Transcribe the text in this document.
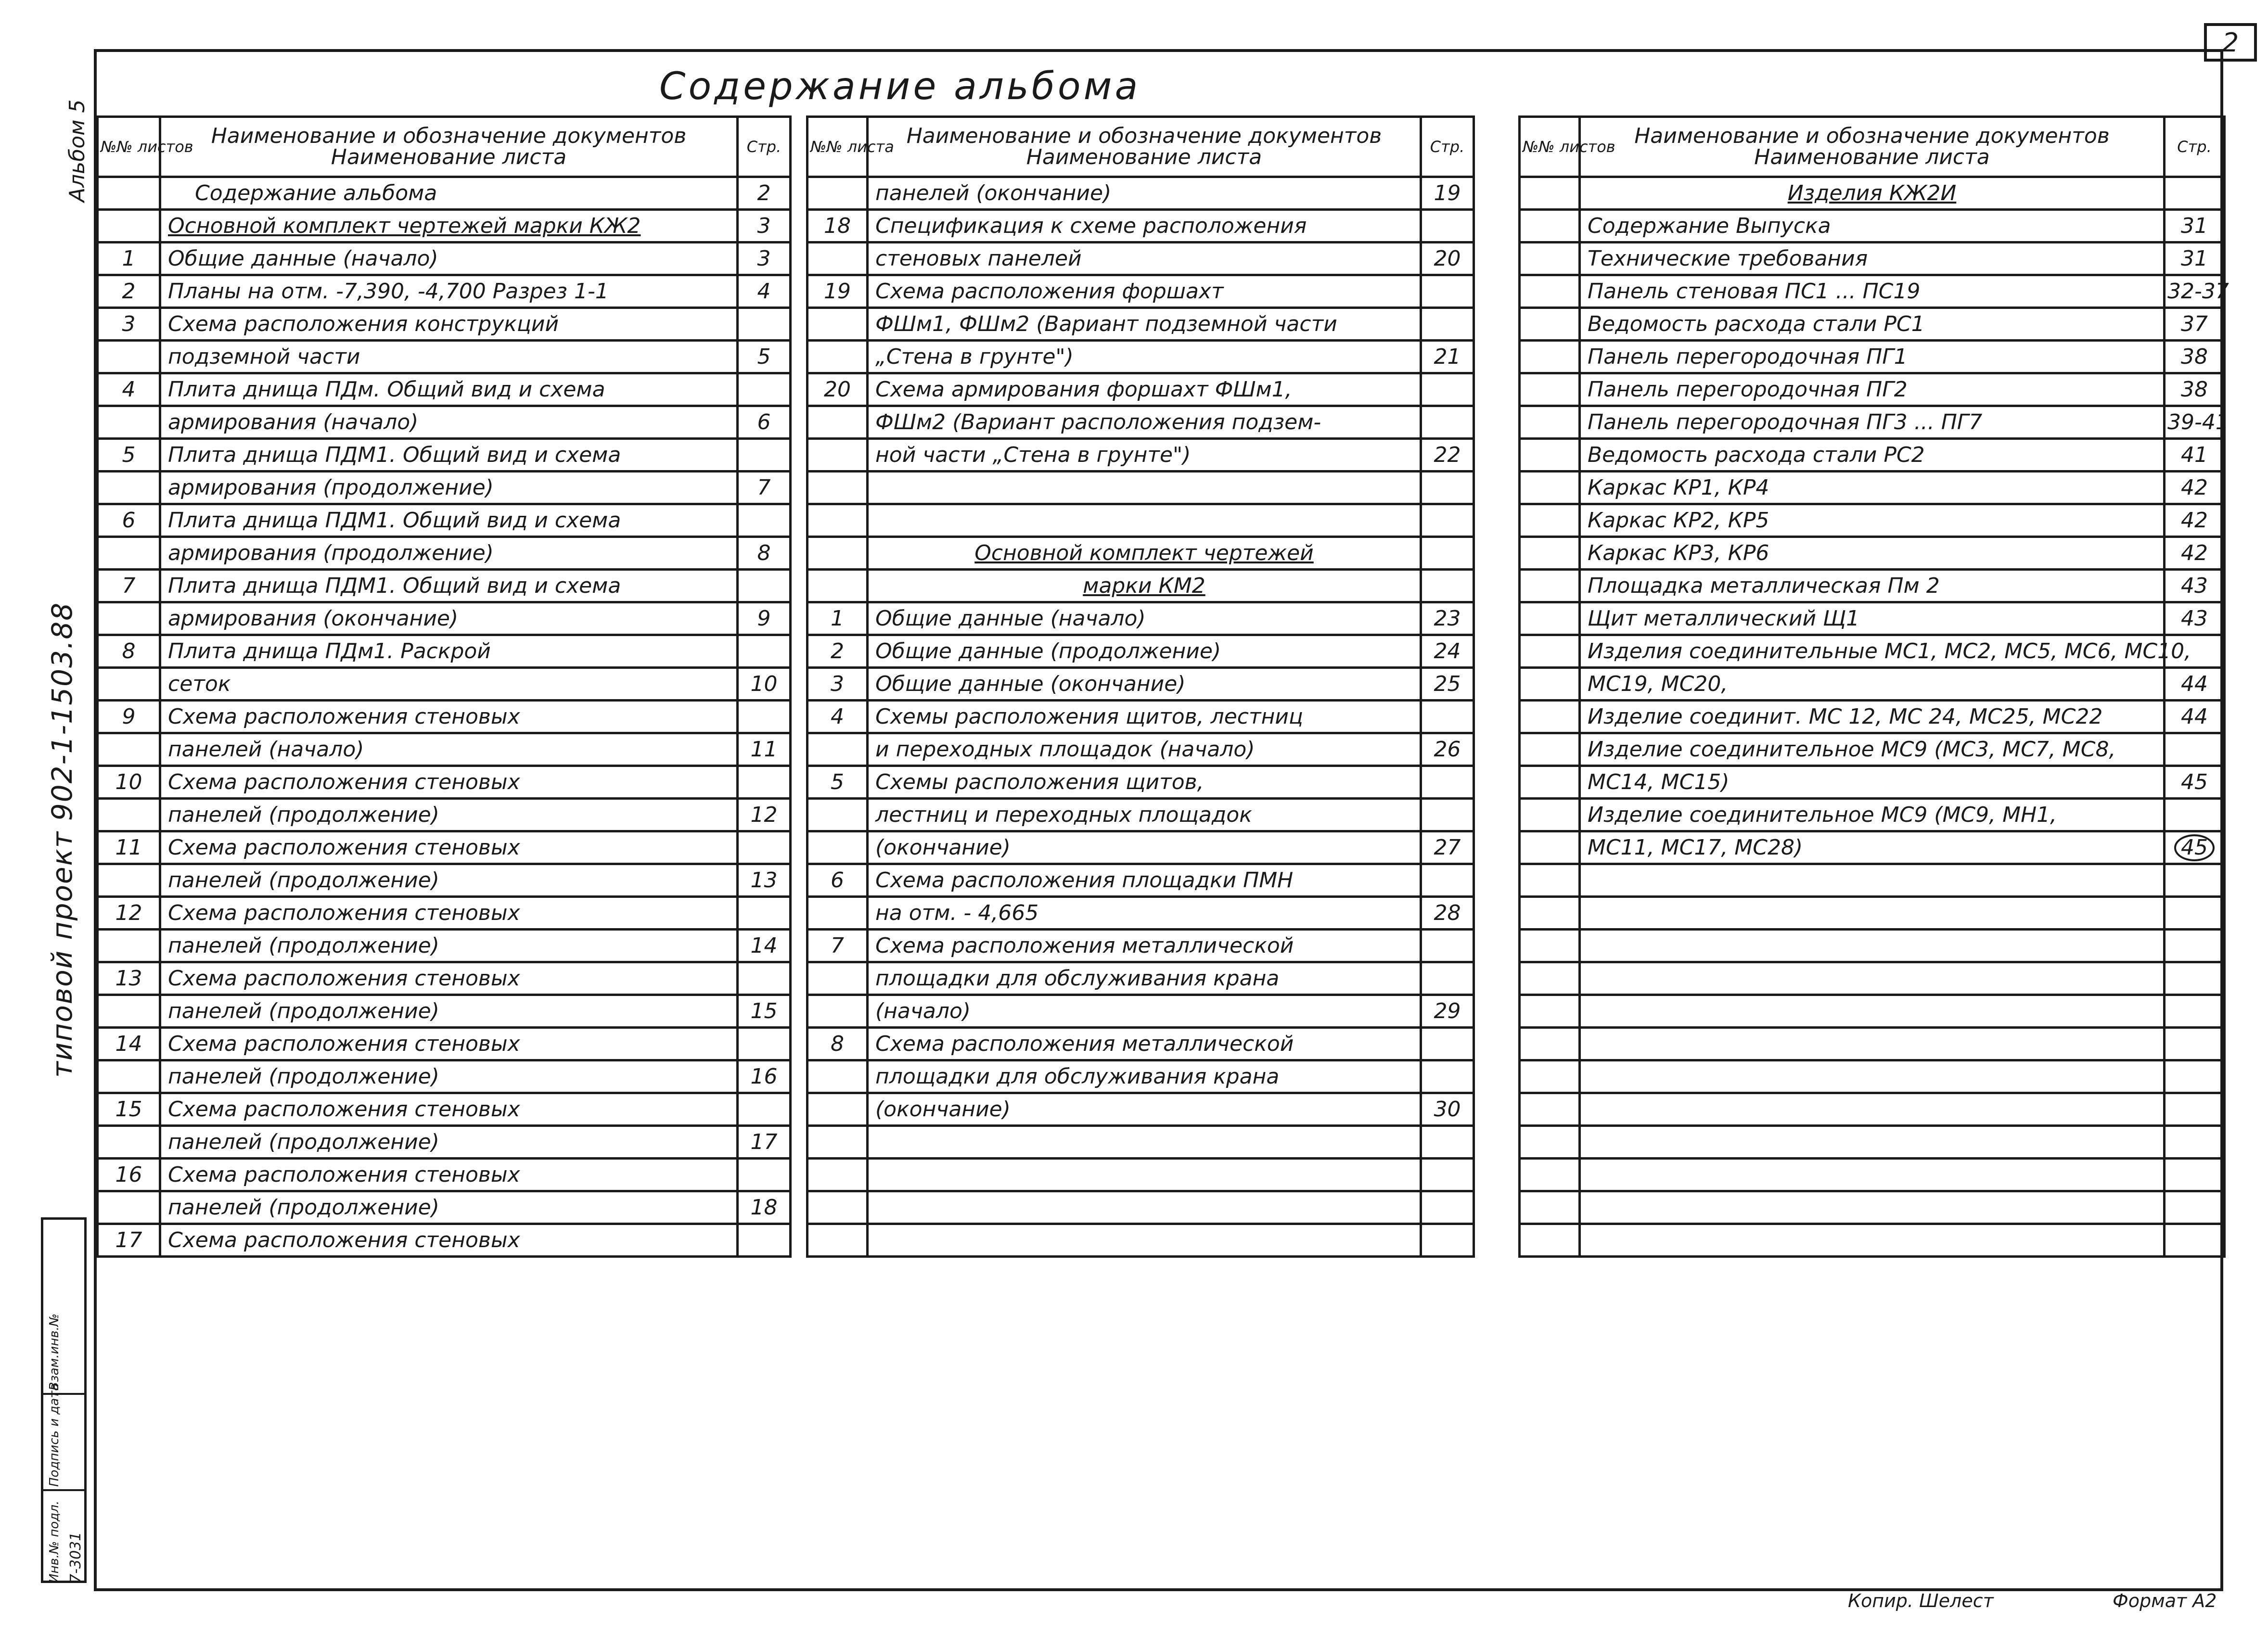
2
Содержание альбома
Альбом 5
типовой проект 902-1-1503.88
Взам.инв.№
Подпись и дата
Инв.№ подл. 7-3031
№№ листов	Наименование и обозначение документов
Наименование листа	Стр.
	Содержание альбома	2
	Основной комплект чертежей марки КЖ2	3
1	Общие данные (начало)	3
2	Планы на отм. -7,390, -4,700 Разрез 1-1	4
3	Схема расположения конструкций	
	подземной части	5
4	Плита днища ПДм. Общий вид и схема	
	армирования (начало)	6
5	Плита днища ПДМ1. Общий вид и схема	
	армирования (продолжение)	7
6	Плита днища ПДМ1. Общий вид и схема	
	армирования (продолжение)	8
7	Плита днища ПДМ1. Общий вид и схема	
	армирования (окончание)	9
8	Плита днища ПДм1. Раскрой	
	сеток	10
9	Схема расположения стеновых	
	панелей (начало)	11
10	Схема расположения стеновых	
	панелей (продолжение)	12
11	Схема расположения стеновых	
	панелей (продолжение)	13
12	Схема расположения стеновых	
	панелей (продолжение)	14
13	Схема расположения стеновых	
	панелей (продолжение)	15
14	Схема расположения стеновых	
	панелей (продолжение)	16
15	Схема расположения стеновых	
	панелей (продолжение)	17
16	Схема расположения стеновых	
	панелей (продолжение)	18
17	Схема расположения стеновых	
№№ листа	Наименование и обозначение документов
Наименование листа	Стр.
	панелей (окончание)	19
18	Спецификация к схеме расположения	
	стеновых панелей	20
19	Схема расположения форшахт	
	ФШм1, ФШм2 (Вариант подземной части	
	„Стена в грунте")	21
20	Схема армирования форшахт ФШм1,	
	ФШм2 (Вариант расположения подзем-	
	ной части „Стена в грунте")	22

	Основной комплект чертежей	
	марки КМ2	
1	Общие данные (начало)	23
2	Общие данные (продолжение)	24
3	Общие данные (окончание)	25
4	Схемы расположения щитов, лестниц	
	и переходных площадок (начало)	26
5	Схемы расположения щитов,	
	лестниц и переходных площадок	
	(окончание)	27
6	Схема расположения площадки ПМН	
	на отм. - 4,665	28
7	Схема расположения металлической	
	площадки для обслуживания крана	
	(начало)	29
8	Схема расположения металлической	
	площадки для обслуживания крана	
	(окончание)	30

№№ листов	Наименование и обозначение документов
Наименование листа	Стр.
	Изделия КЖ2И	
	Содержание Выпуска	31
	Технические требования	31
	Панель стеновая ПС1 ... ПС19	32-37
	Ведомость расхода стали РС1	37
	Панель перегородочная ПГ1	38
	Панель перегородочная ПГ2	38
	Панель перегородочная ПГ3 ... ПГ7	39-41
	Ведомость расхода стали РС2	41
	Каркас КР1, КР4	42
	Каркас КР2, КР5	42
	Каркас КР3, КР6	42
	Площадка металлическая Пм 2	43
	Щит металлический Щ1	43
	Изделия соединительные МС1, МС2, МС5, МС6, МС10,	
	МС19, МС20,	44
	Изделие соединит. МС 12, МС 24, МС25, МС22	44
	Изделие соединительное МС9 (МС3, МС7, МС8,	
	МС14, МС15)	45
	Изделие соединительное МС9 (МС9, МН1,	
	МС11, МС17, МС28)	45

Копир. Шелест	Формат А2
